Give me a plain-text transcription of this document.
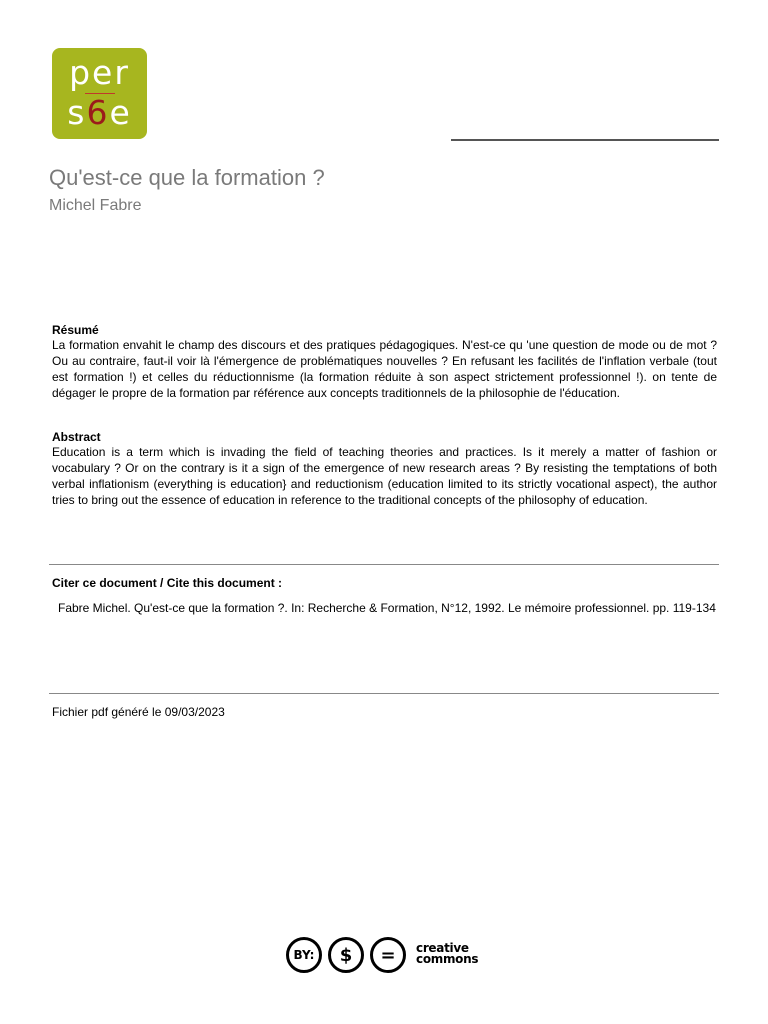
per
s6e
Qu'est-ce que la formation ?
Michel Fabre
Résumé

La formation envahit le champ des discours et des pratiques pédagogiques. N'est-ce qu 'une question de mode ou de mot ? Ou au contraire, faut-il voir là l'émergence de problématiques nouvelles ? En refusant les facilités de l'inflation verbale (tout est formation !) et celles du réductionnisme (la formation réduite à son aspect strictement professionnel !). on tente de dégager le propre de la formation par référence aux concepts traditionnels de la philosophie de l'éducation.

Abstract

Education is a term which is invading the field of teaching theories and practices. Is it merely a matter of fashion or vocabulary ? Or on the contrary is it a sign of the emergence of new research areas ? By resisting the temptations of both verbal inflationism (everything is education} and reductionism (education limited to its strictly vocational aspect), the author tries to bring out the essence of education in reference to the traditional concepts of the philosophy of education.

Citer ce document / Cite this document :
Fabre Michel. Qu'est-ce que la formation ?. In: Recherche & Formation, N°12, 1992. Le mémoire professionnel. pp. 119-134
Fichier pdf généré le 09/03/2023
BY:	$	=	creative
commons
